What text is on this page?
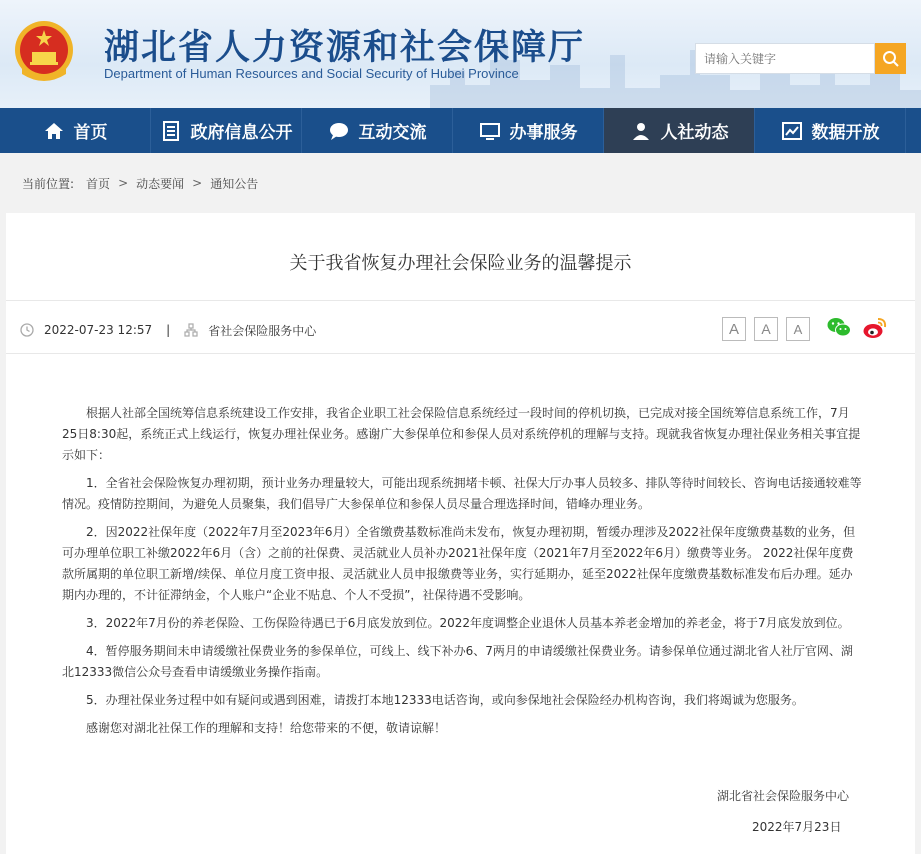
湖北省人力资源和社会保障厅
Department of Human Resources and Social Security of Hubei Province
请输入关键字
首页	政府信息公开	互动交流	办事服务	人社动态	数据开放
当前位置: 首页 > 动态要闻 > 通知公告
关于我省恢复办理社会保险业务的温馨提示
2022-07-23 12:57 |	省社会保险服务中心	A	A	A

根据人社部全国统筹信息系统建设工作安排，我省企业职工社会保险信息系统经过一段时间的停机切换，已完成对接全国统筹信息系统工作，7月25日8:30起，系统正式上线运行，恢复办理社保业务。感谢广大参保单位和参保人员对系统停机的理解与支持。现就我省恢复办理社保业务相关事宜提示如下：

1．全省社会保险恢复办理初期，预计业务办理量较大，可能出现系统拥堵卡顿、社保大厅办事人员较多、排队等待时间较长、咨询电话接通较难等情况。疫情防控期间，为避免人员聚集，我们倡导广大参保单位和参保人员尽量合理选择时间，错峰办理业务。

2．因2022社保年度（2022年7月至2023年6月）全省缴费基数标准尚未发布，恢复办理初期，暂缓办理涉及2022社保年度缴费基数的业务，但可办理单位职工补缴2022年6月（含）之前的社保费、灵活就业人员补办2021社保年度（2021年7月至2022年6月）缴费等业务。 2022社保年度费款所属期的单位职工新增/续保、单位月度工资申报、灵活就业人员申报缴费等业务，实行延期办，延至2022社保年度缴费基数标准发布后办理。延办期内办理的，不计征滞纳金，个人账户“企业不贴息、个人不受损”，社保待遇不受影响。

3．2022年7月份的养老保险、工伤保险待遇已于6月底发放到位。2022年度调整企业退休人员基本养老金增加的养老金，将于7月底发放到位。

4．暂停服务期间未申请缓缴社保费业务的参保单位，可线上、线下补办6、7两月的申请缓缴社保费业务。请参保单位通过湖北省人社厅官网、湖北12333微信公众号查看申请缓缴业务操作指南。

5．办理社保业务过程中如有疑问或遇到困难，请拨打本地12333电话咨询，或向参保地社会保险经办机构咨询，我们将竭诚为您服务。

感谢您对湖北社保工作的理解和支持！给您带来的不便，敬请谅解！

湖北省社会保险服务中心
2022年7月23日
